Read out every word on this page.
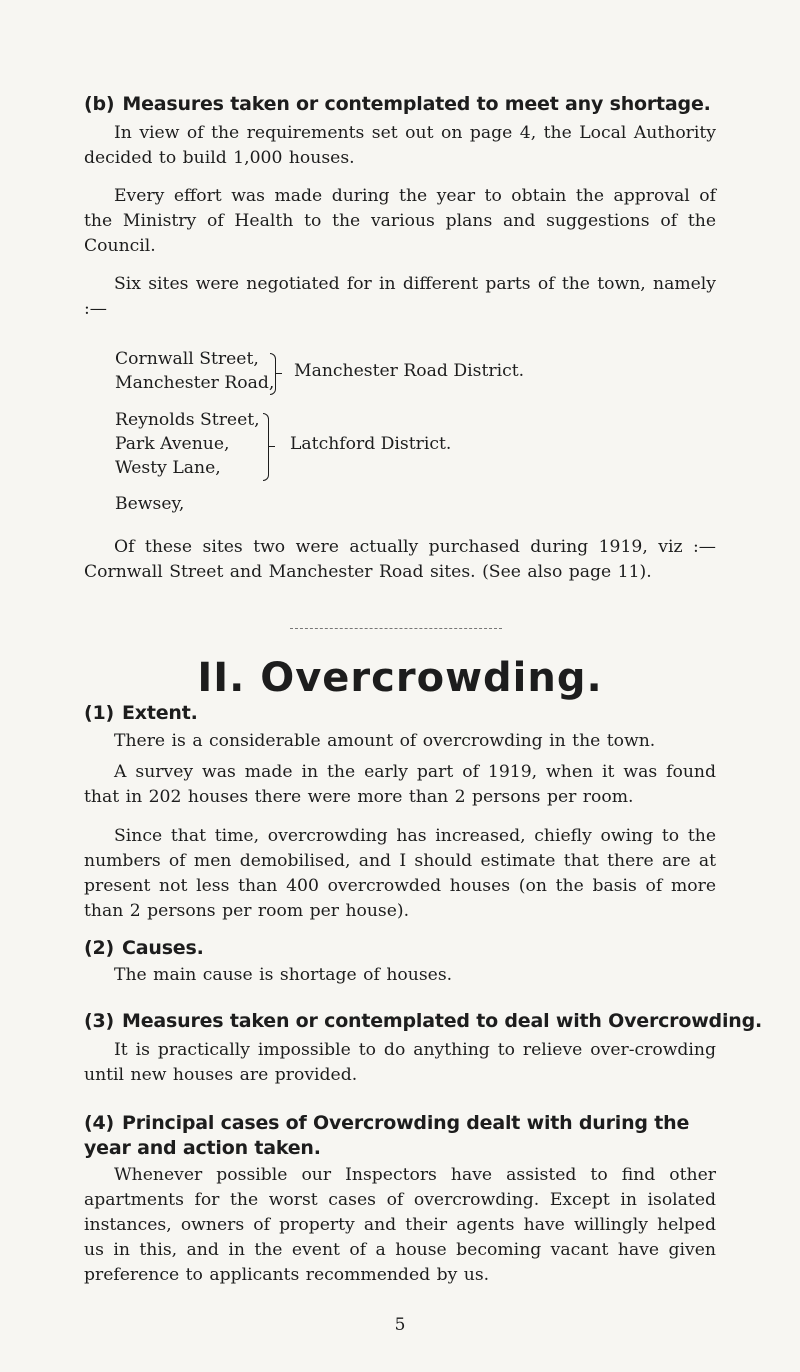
(b) Measures taken or contemplated to meet any shortage.

In view of the requirements set out on page 4, the Local Authority decided to build 1,000 houses.

Every effort was made during the year to obtain the approval of the Ministry of Health to the various plans and suggestions of the Council.

Six sites were negotiated for in different parts of the town, namely :—

Cornwall Street,
Manchester Road,
Manchester Road District.
Reynolds Street,
Park Avenue,
Westy Lane,
Latchford District.
Bewsey,

Of these sites two were actually purchased during 1919, viz :— Cornwall Street and Manchester Road sites. (See also page 11).

II. Overcrowding.
(1) Extent.

There is a considerable amount of overcrowding in the town.

A survey was made in the early part of 1919, when it was found that in 202 houses there were more than 2 persons per room.

Since that time, overcrowding has increased, chiefly owing to the numbers of men demobilised, and I should estimate that there are at present not less than 400 overcrowded houses (on the basis of more than 2 persons per room per house).

(2) Causes.

The main cause is shortage of houses.

(3) Measures taken or contemplated to deal with Overcrowding.

It is practically impossible to do anything to relieve over-crowding until new houses are provided.

(4) Principal cases of Overcrowding dealt with during the year and action taken.

Whenever possible our Inspectors have assisted to find other apartments for the worst cases of overcrowding. Except in isolated instances, owners of property and their agents have willingly helped us in this, and in the event of a house becoming vacant have given preference to applicants recommended by us.

5
